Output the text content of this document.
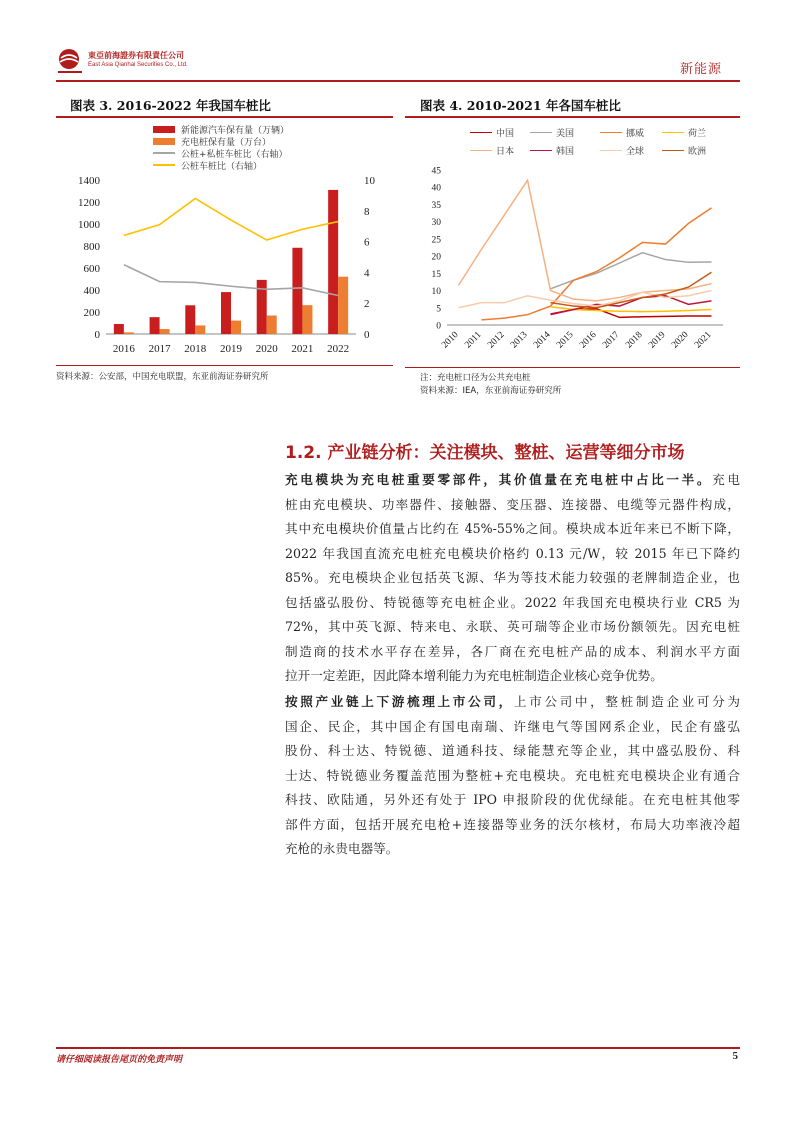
東亞前海證券有限責任公司
East Asia Qianhai Securities Co., Ltd.	新能源
图表 3. 2016-2022 年我国车桩比
新能源汽车保有量（万辆）
充电桩保有量（万台）
公桩+私桩车桩比（右轴）
公桩车桩比（右轴）
0
200
400
600
800
1000
1200
1400
0
2
4
6
8
10
2016 2017 2018 2019 2020 2021 2022
资料来源：公安部，中国充电联盟，东亚前海证券研究所
图表 4. 2010-2021 年各国车桩比
中国	美国	挪威	荷兰
日本	韩国	全球	欧洲
0
5
10
15
20
25
30
35
40
45
2010 2011 2012 2013 2014 2015 2016 2017 2018 2019 2020 2021
注：充电桩口径为公共充电桩
资料来源：IEA，东亚前海证券研究所
1.2. 产业链分析：关注模块、整桩、运营等细分市场
充电模块为充电桩重要零部件，其价值量在充电桩中占比一半。充电
桩由充电模块、功率器件、接触器、变压器、连接器、电缆等元器件构成，
其中充电模块价值量占比约在 45%-55%之间。模块成本近年来已不断下降，
2022 年我国直流充电桩充电模块价格约 0.13 元/W，较 2015 年已下降约
85%。充电模块企业包括英飞源、华为等技术能力较强的老牌制造企业，也
包括盛弘股份、特锐德等充电桩企业。2022 年我国充电模块行业 CR5 为
72%，其中英飞源、特来电、永联、英可瑞等企业市场份额领先。因充电桩
制造商的技术水平存在差异，各厂商在充电桩产品的成本、利润水平方面
拉开一定差距，因此降本增利能力为充电桩制造企业核心竞争优势。
按照产业链上下游梳理上市公司，上市公司中，整桩制造企业可分为
国企、民企，其中国企有国电南瑞、许继电气等国网系企业，民企有盛弘
股份、科士达、特锐德、道通科技、绿能慧充等企业，其中盛弘股份、科
士达、特锐德业务覆盖范围为整桩+充电模块。充电桩充电模块企业有通合
科技、欧陆通，另外还有处于 IPO 申报阶段的优优绿能。在充电桩其他零
部件方面，包括开展充电枪+连接器等业务的沃尔核材，布局大功率液冷超
充枪的永贵电器等。
请仔细阅读报告尾页的免责声明	5
